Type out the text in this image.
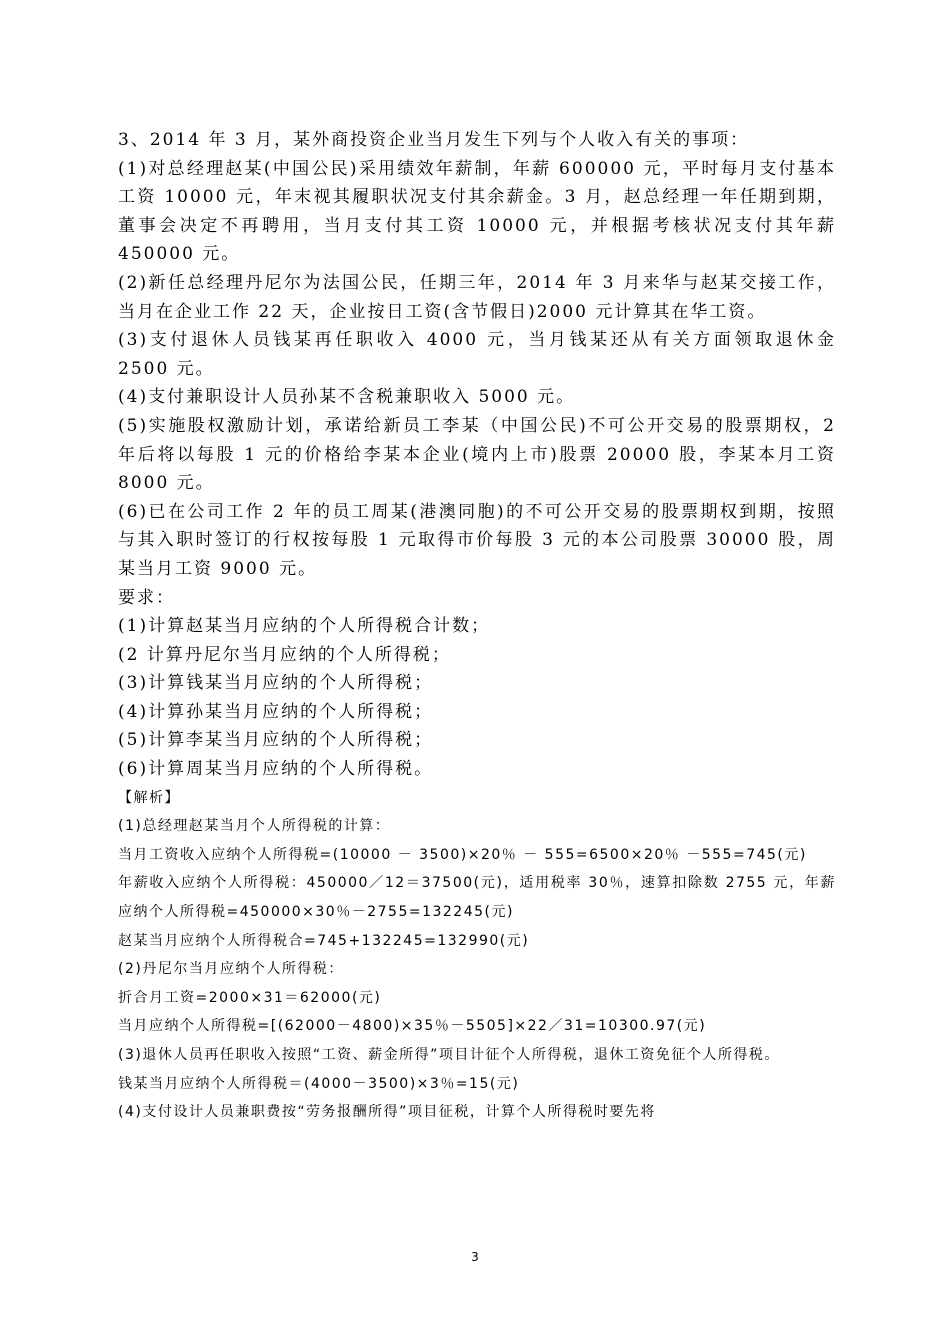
3、2014 年 3 月，某外商投资企业当月发生下列与个人收入有关的事项：

(1)对总经理赵某(中国公民)采用绩效年薪制，年薪 600000 元，平时每月支付基本工资 10000 元，年末视其履职状况支付其余薪金。3 月，赵总经理一年任期到期，董事会决定不再聘用，当月支付其工资 10000 元，并根据考核状况支付其年薪 450000 元。

(2)新任总经理丹尼尔为法国公民，任期三年，2014 年 3 月来华与赵某交接工作，当月在企业工作 22 天，企业按日工资(含节假日)2000 元计算其在华工资。

(3)支付退休人员钱某再任职收入 4000 元，当月钱某还从有关方面领取退休金 2500 元。

(4)支付兼职设计人员孙某不含税兼职收入 5000 元。

(5)实施股权激励计划，承诺给新员工李某（中国公民)不可公开交易的股票期权，2 年后将以每股 1 元的价格给李某本企业(境内上市)股票 20000 股，李某本月工资 8000 元。

(6)已在公司工作 2 年的员工周某(港澳同胞)的不可公开交易的股票期权到期，按照与其入职时签订的行权按每股 1 元取得市价每股 3 元的本公司股票 30000 股，周某当月工资 9000 元。

要求：

(1)计算赵某当月应纳的个人所得税合计数；

(2 计算丹尼尔当月应纳的个人所得税；

(3)计算钱某当月应纳的个人所得税；

(4)计算孙某当月应纳的个人所得税；

(5)计算李某当月应纳的个人所得税；

(6)计算周某当月应纳的个人所得税。

【解析】

(1)总经理赵某当月个人所得税的计算：

当月工资收入应纳个人所得税=(10000 － 3500)×20％ － 555=6500×20％ －555=745(元)

年薪收入应纳个人所得税：450000／12＝37500(元)，适用税率 30％，速算扣除数 2755 元，年薪应纳个人所得税=450000×30％－2755=132245(元)

赵某当月应纳个人所得税合=745+132245=132990(元)

(2)丹尼尔当月应纳个人所得税：

折合月工资=2000×31＝62000(元)

当月应纳个人所得税=[(62000－4800)×35％－5505]×22／31=10300.97(元)

(3)退休人员再任职收入按照“工资、薪金所得”项目计征个人所得税，退休工资免征个人所得税。

钱某当月应纳个人所得税＝(4000－3500)×3％=15(元)

(4)支付设计人员兼职费按“劳务报酬所得”项目征税，计算个人所得税时要先将

3
